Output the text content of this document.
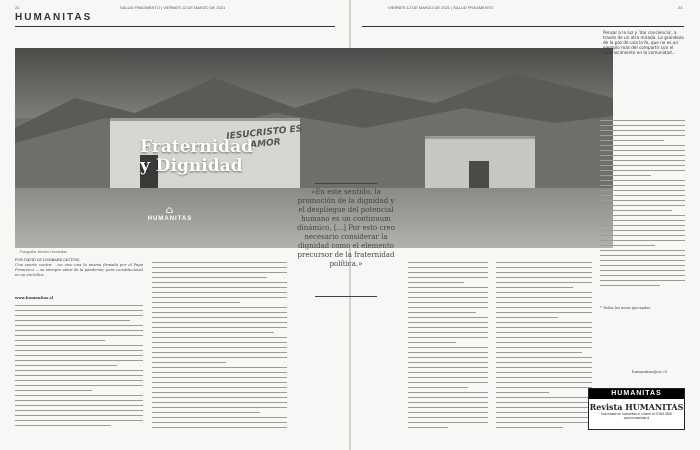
22	SALUD FRAGMENTO | VIERNES 12 DE MARZO DE 2021	VIERNES 12 DE MARZO DE 2021 | SALUD FRAGMENTO	23
HUMANITAS
JESUCRISTO ES AMOR
Fraternidad
y Dignidad
⌂
HUMANITAS
Pensar a la luz y 'dar conciencia', a través de un otra mirada. La grandeza de la paz de una la fe, que no es un ejemplo más del compartir con el reconocimiento en la comunidad...
Fotografía: Archivo Humanitas
Una suerte contra- ...no vive una la misma firmada por el Papa Francisco — su siempre autor de la pandemia, para constitucional en su encíclica.
POR DAVID LE LOMBARD (AUTOR)
www.humanitas.cl
«En este sentido, la promoción de la dignidad y el despliegue del potencial humano es un continuum dinámico, [...] Por esto creo necesario considerar la dignidad como el elemento precursor de la fraternidad política.»
* Todas las notas ipecuadas
humanitas@uc.cl
HUMANITAS
Revista HUMANITAS
Suscríbase en humanitas.cl o llame al 22354 6500
www.humanitas.cl
